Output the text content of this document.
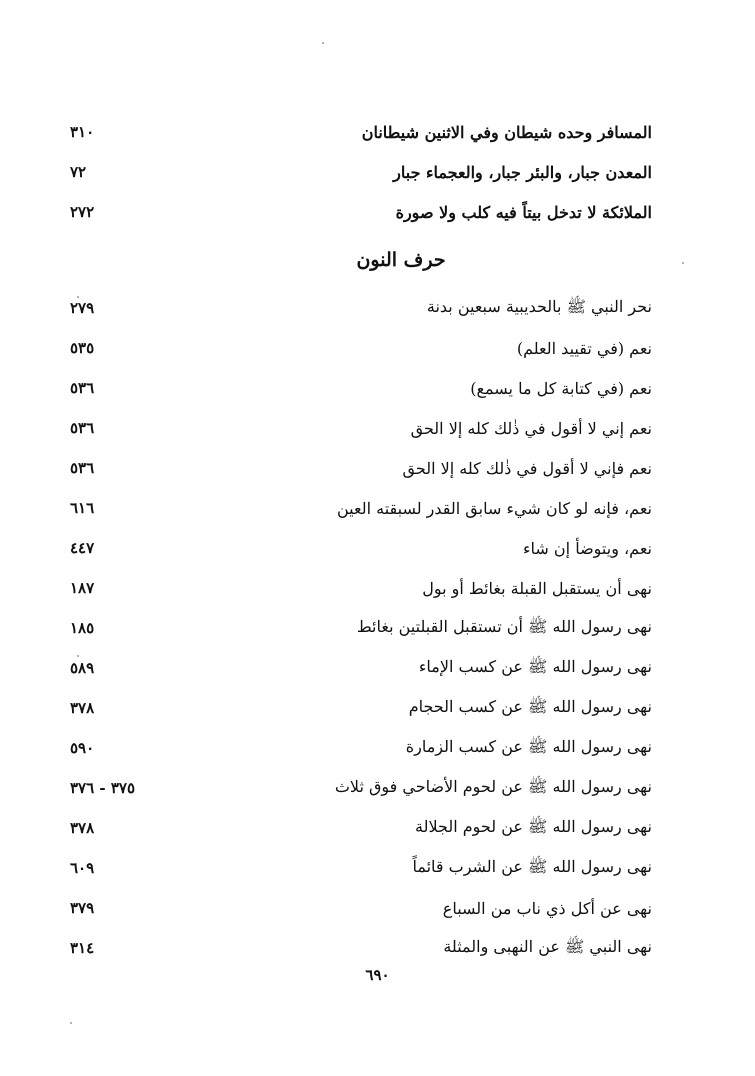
المسافر وحده شيطان وفي الاثنين شيطانان
٣١٠
المعدن جبار، والبئر جبار، والعجماء جبار
٧٢
الملائكة لا تدخل بيتاً فيه كلب ولا صورة
٢٧٢
حرف النون
نحر النبي ﷺ بالحديبية سبعين بدنة
٢٧٩
نعم (في تقييد العلم)
٥٣٥
نعم (في كتابة كل ما يسمع)
٥٣٦
نعم إني لا أقول في ذٰلك كله إلا الحق
٥٣٦
نعم فإني لا أقول في ذٰلك كله إلا الحق
٥٣٦
نعم، فإنه لو كان شيء سابق القدر لسبقته العين
٦١٦
نعم، ويتوضأ إن شاء
٤٤٧
نهى أن يستقبل القبلة بغائط أو بول
١٨٧
نهى رسول الله ﷺ أن تستقبل القبلتين بغائط
١٨٥
نهى رسول الله ﷺ عن كسب الإماء
٥٨٩
نهى رسول الله ﷺ عن كسب الحجام
٣٧٨
نهى رسول الله ﷺ عن كسب الزمارة
٥٩٠
نهى رسول الله ﷺ عن لحوم الأضاحي فوق ثلاث
٣٧٥ - ٣٧٦
نهى رسول الله ﷺ عن لحوم الجلالة
٣٧٨
نهى رسول الله ﷺ عن الشرب قائماً
٦٠٩
نهى عن أكل ذي ناب من السباع
٣٧٩
نهى النبي ﷺ عن النهبى والمثلة
٣١٤
٦٩٠
